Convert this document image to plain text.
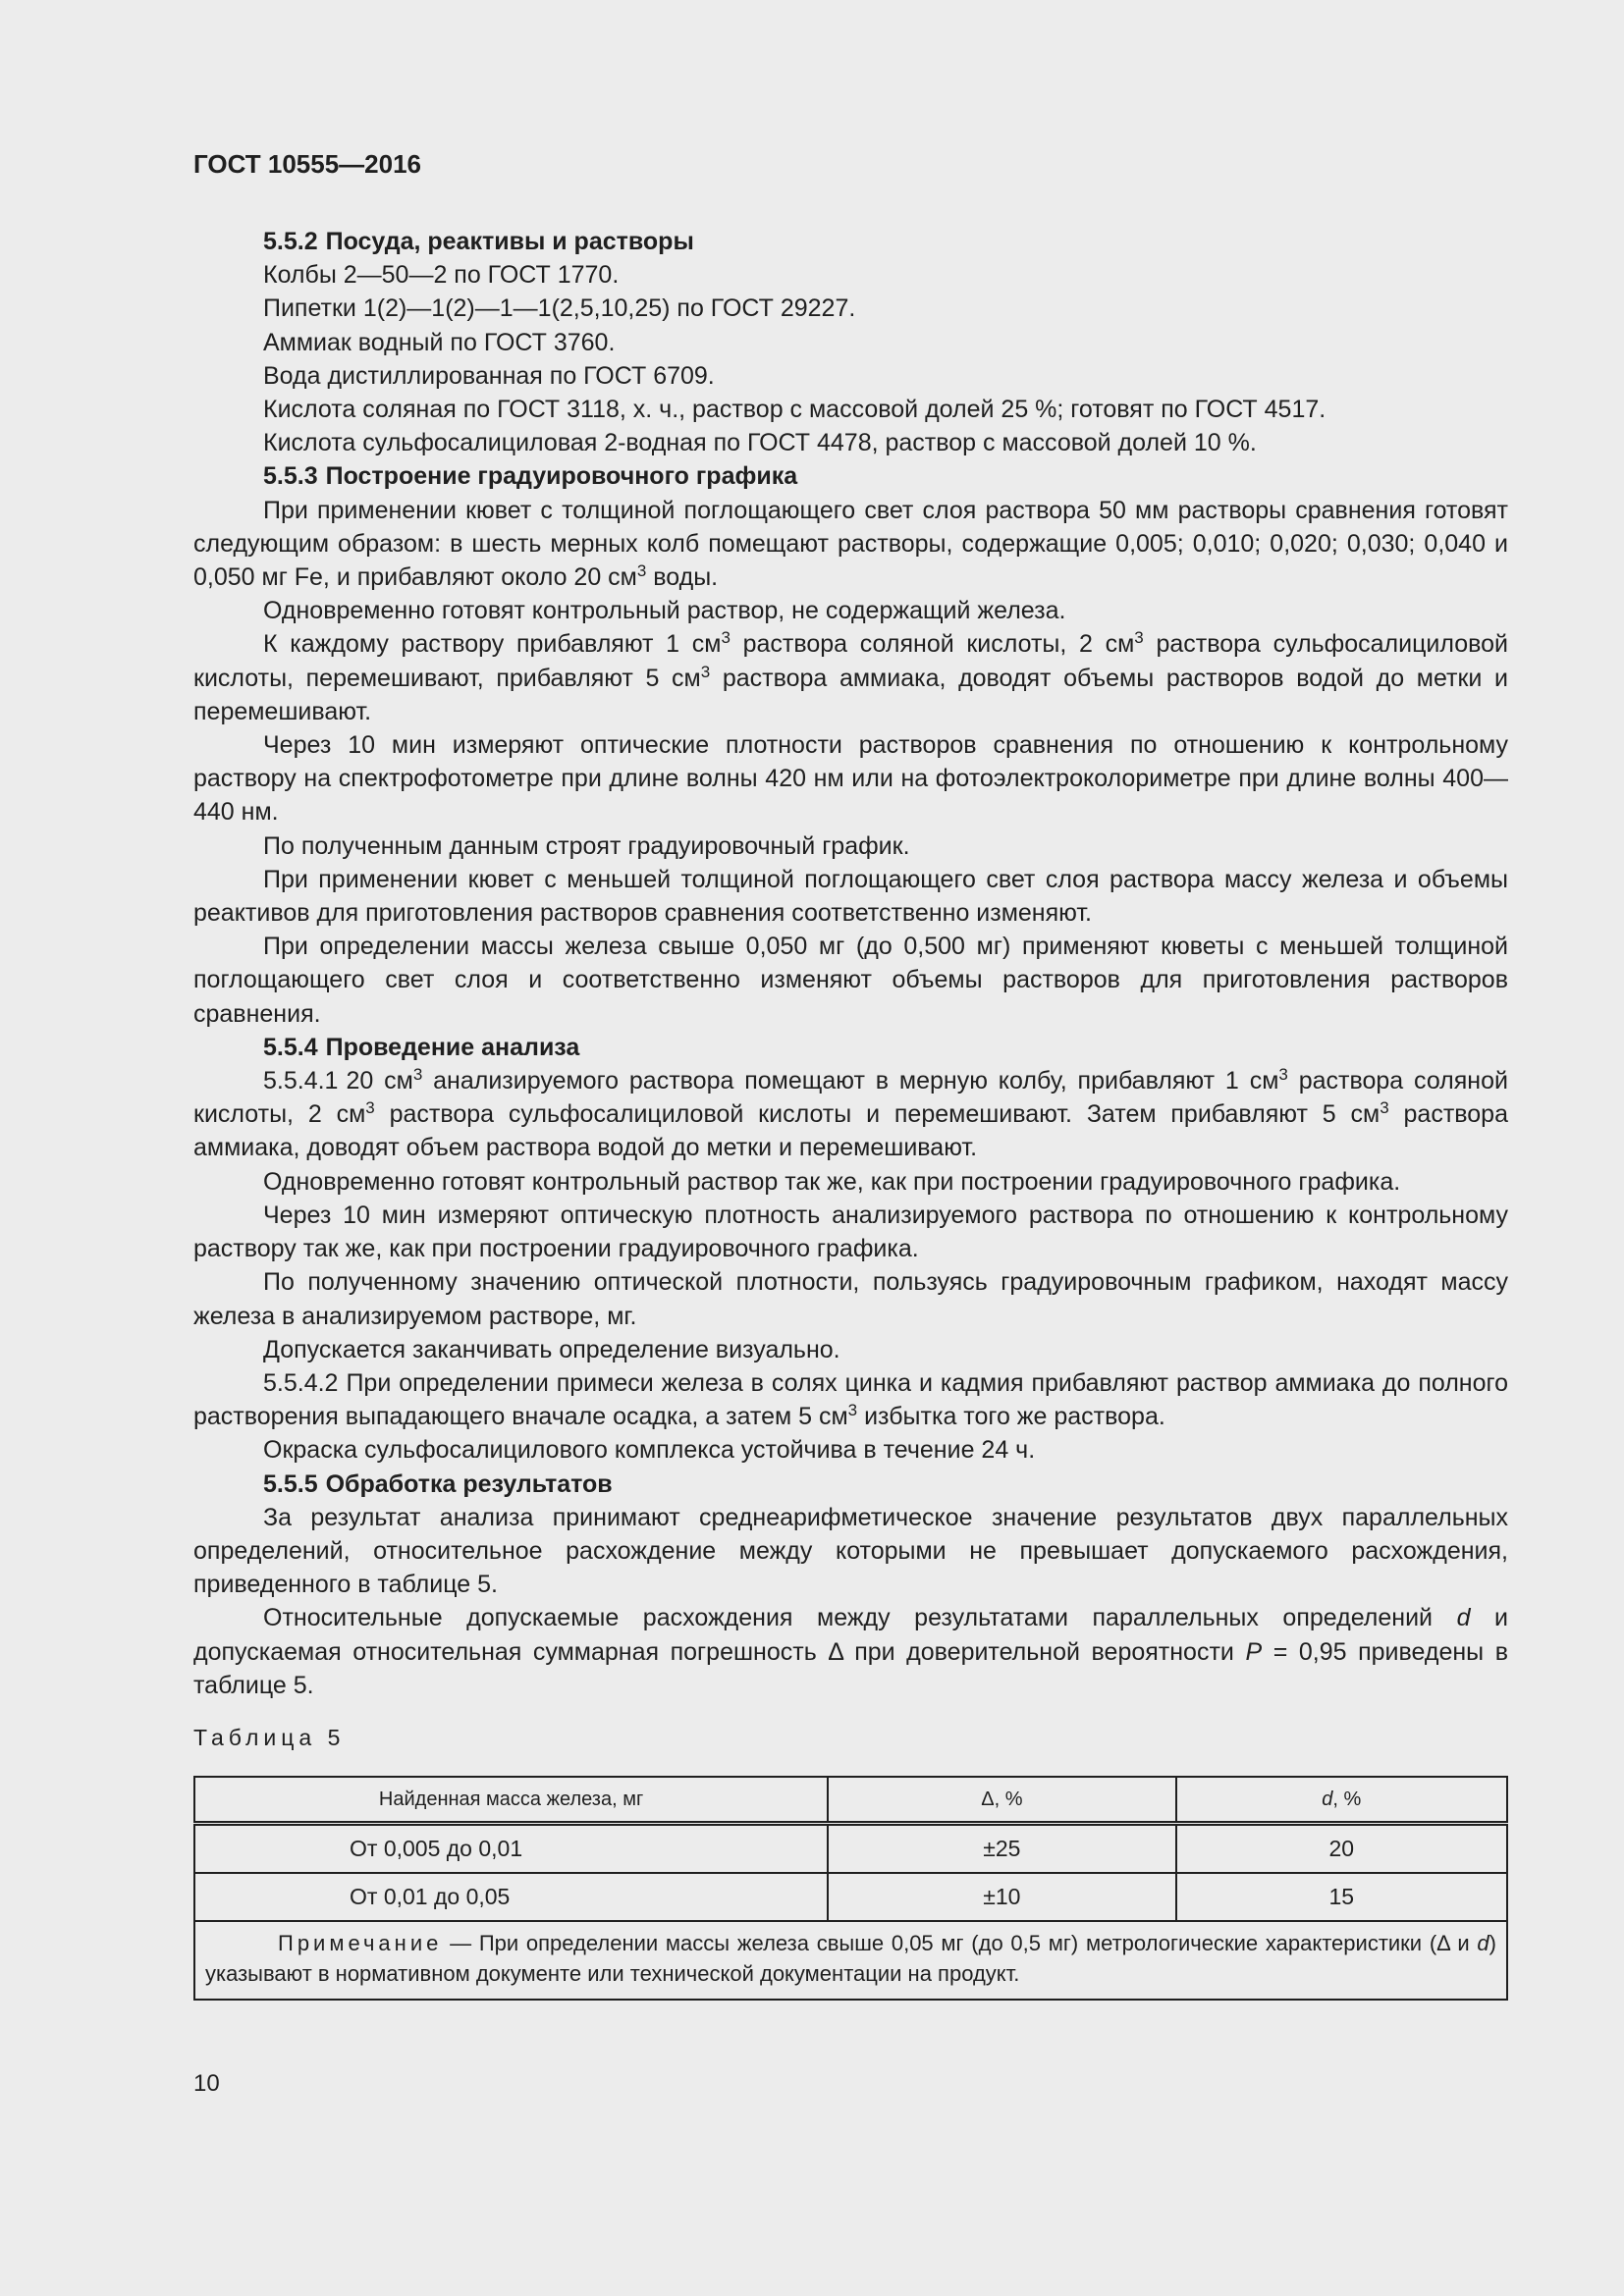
ГОСТ 10555—2016

5.5.2 Посуда, реактивы и растворы

Колбы 2—50—2 по ГОСТ 1770.

Пипетки 1(2)—1(2)—1—1(2,5,10,25) по ГОСТ 29227.

Аммиак водный по ГОСТ 3760.

Вода дистиллированная по ГОСТ 6709.

Кислота соляная по ГОСТ 3118, х. ч., раствор с массовой долей 25 %; готовят по ГОСТ 4517.

Кислота сульфосалициловая 2-водная по ГОСТ 4478, раствор с массовой долей 10 %.

5.5.3 Построение градуировочного графика

При применении кювет с толщиной поглощающего свет слоя раствора 50 мм растворы сравнения готовят следующим образом: в шесть мерных колб помещают растворы, содержащие 0,005; 0,010; 0,020; 0,030; 0,040 и 0,050 мг Fe, и прибавляют около 20 $см^3$ воды.

Одновременно готовят контрольный раствор, не содержащий железа.

К каждому раствору прибавляют 1 $см^3$ раствора соляной кислоты, 2 $см^3$ раствора сульфосалициловой кислоты, перемешивают, прибавляют 5 $см^3$ раствора аммиака, доводят объемы растворов водой до метки и перемешивают.

Через 10 мин измеряют оптические плотности растворов сравнения по отношению к контрольному раствору на спектрофотометре при длине волны 420 нм или на фотоэлектроколориметре при длине волны 400—440 нм.

По полученным данным строят градуировочный график.

При применении кювет с меньшей толщиной поглощающего свет слоя раствора массу железа и объемы реактивов для приготовления растворов сравнения соответственно изменяют.

При определении массы железа свыше 0,050 мг (до 0,500 мг) применяют кюветы с меньшей толщиной поглощающего свет слоя и соответственно изменяют объемы растворов для приготовления растворов сравнения.

5.5.4 Проведение анализа

5.5.4.1 20 $см^3$ анализируемого раствора помещают в мерную колбу, прибавляют 1 $см^3$ раствора соляной кислоты, 2 $см^3$ раствора сульфосалициловой кислоты и перемешивают. Затем прибавляют 5 $см^3$ раствора аммиака, доводят объем раствора водой до метки и перемешивают.

Одновременно готовят контрольный раствор так же, как при построении градуировочного графика.

Через 10 мин измеряют оптическую плотность анализируемого раствора по отношению к контрольному раствору так же, как при построении градуировочного графика.

По полученному значению оптической плотности, пользуясь градуировочным графиком, находят массу железа в анализируемом растворе, мг.

Допускается заканчивать определение визуально.

5.5.4.2 При определении примеси железа в солях цинка и кадмия прибавляют раствор аммиака до полного растворения выпадающего вначале осадка, а затем 5 $см^3$ избытка того же раствора.

Окраска сульфосалицилового комплекса устойчива в течение 24 ч.

5.5.5 Обработка результатов

За результат анализа принимают среднеарифметическое значение результатов двух параллельных определений, относительное расхождение между которыми не превышает допускаемого расхождения, приведенного в таблице 5.

Относительные допускаемые расхождения между результатами параллельных определений d и допускаемая относительная суммарная погрешность Δ при доверительной вероятности P = 0,95 приведены в таблице 5.

Таблица 5

Найденная масса железа, мг	Δ, %	d, %
От 0,005 до 0,01	±25	20
От 0,01 до 0,05	±10	15
Примечание — При определении массы железа свыше 0,05 мг (до 0,5 мг) метрологические характеристики (Δ и d) указывают в нормативном документе или технической документации на продукт.		

10
